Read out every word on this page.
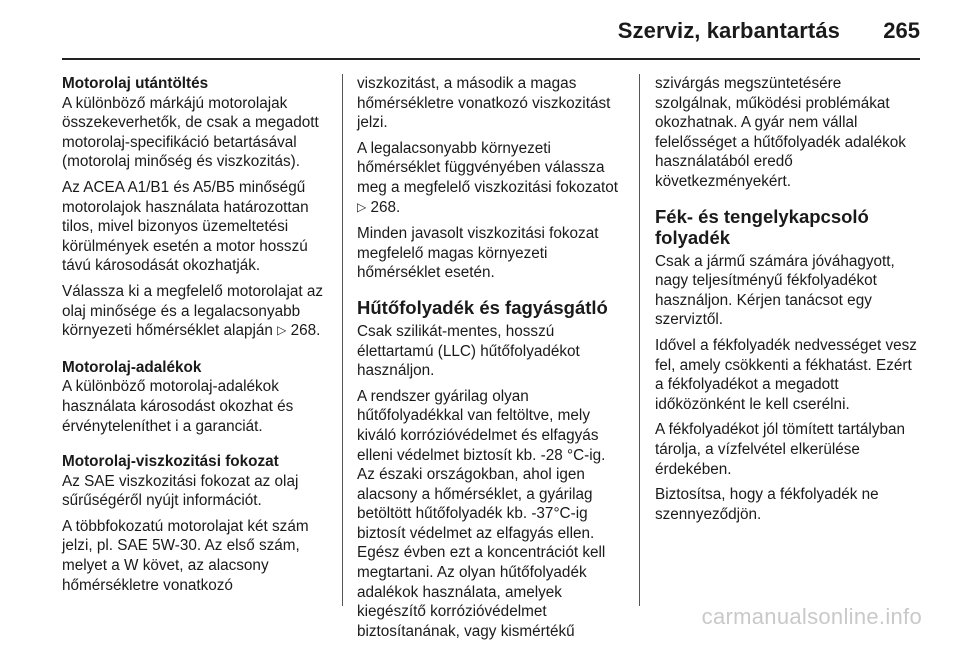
Szerviz, karbantartás 265

Motorolaj utántöltés

A különböző márkájú motorolajak összekeverhetők, de csak a megadott motorolaj-specifikáció betartásával (motorolaj minőség és viszkozitás).

Az ACEA A1/B1 és A5/B5 minőségű motorolajok használata határozottan tilos, mivel bizonyos üzemeltetési körülmények esetén a motor hosszú távú károsodását okozhatják.

Válassza ki a megfelelő motorolajat az olaj minősége és a legalacsonyabb környezeti hőmérséklet alapján ▷ 268.

Motorolaj-adalékok

A különböző motorolaj-adalékok használata károsodást okozhat és érvényteleníthet i a garanciát.

Motorolaj-viszkozitási fokozat

Az SAE viszkozitási fokozat az olaj sűrűségéről nyújt információt.

A többfokozatú motorolajat két szám jelzi, pl. SAE 5W-30. Az első szám, melyet a W követ, az alacsony hőmérsékletre vonatkozó

viszkozitást, a második a magas hőmérsékletre vonatkozó viszkozitást jelzi.

A legalacsonyabb környezeti hőmérséklet függvényében válassza meg a megfelelő viszkozitási fokozatot ▷ 268.

Minden javasolt viszkozitási fokozat megfelelő magas környezeti hőmérséklet esetén.

Hűtőfolyadék és fagyásgátló

Csak szilikát-mentes, hosszú élettartamú (LLC) hűtőfolyadékot használjon.

A rendszer gyárilag olyan hűtőfolyadékkal van feltöltve, mely kiváló korrózióvédelmet és elfagyás elleni védelmet biztosít kb. -28 °C-ig. Az északi országokban, ahol igen alacsony a hőmérséklet, a gyárilag betöltött hűtőfolyadék kb. -37°C-ig biztosít védelmet az elfagyás ellen. Egész évben ezt a koncentrációt kell megtartani. Az olyan hűtőfolyadék adalékok használata, amelyek kiegészítő korrózióvédelmet biztosítanának, vagy kismértékű

szivárgás megszüntetésére szolgálnak, működési problémákat okozhatnak. A gyár nem vállal felelősséget a hűtőfolyadék adalékok használatából eredő következményekért.

Fék- és tengelykapcsoló folyadék

Csak a jármű számára jóváhagyott, nagy teljesítményű fékfolyadékot használjon. Kérjen tanácsot egy szerviztől.

Idővel a fékfolyadék nedvességet vesz fel, amely csökkenti a fékhatást. Ezért a fékfolyadékot a megadott időközönként le kell cserélni.

A fékfolyadékot jól tömített tartályban tárolja, a vízfelvétel elkerülése érdekében.

Biztosítsa, hogy a fékfolyadék ne szennyeződjön.

carmanualsonline.info
